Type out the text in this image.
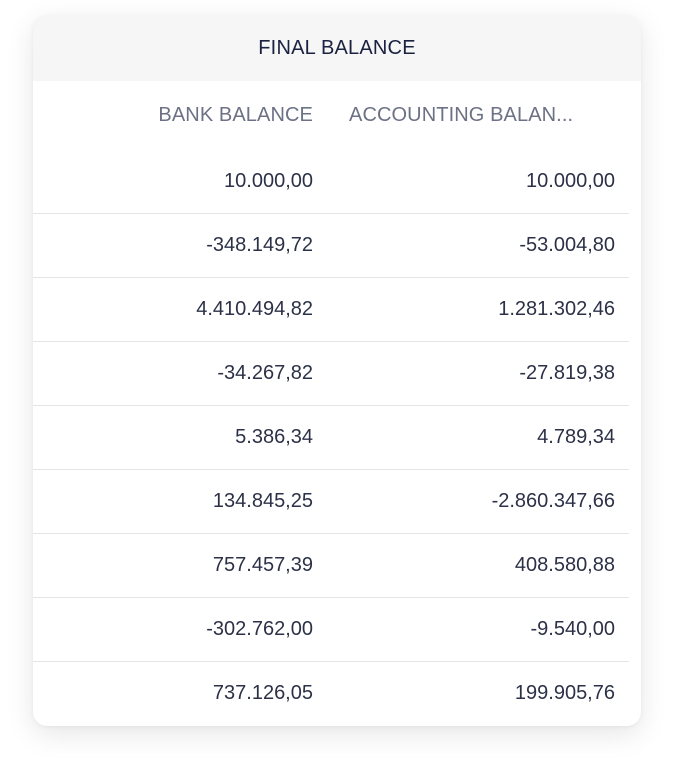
FINAL BALANCE
BANK BALANCE	ACCOUNTING BALAN...
10.000,00	10.000,00
-348.149,72	-53.004,80
4.410.494,82	1.281.302,46
-34.267,82	-27.819,38
5.386,34	4.789,34
134.845,25	-2.860.347,66
757.457,39	408.580,88
-302.762,00	-9.540,00
737.126,05	199.905,76
